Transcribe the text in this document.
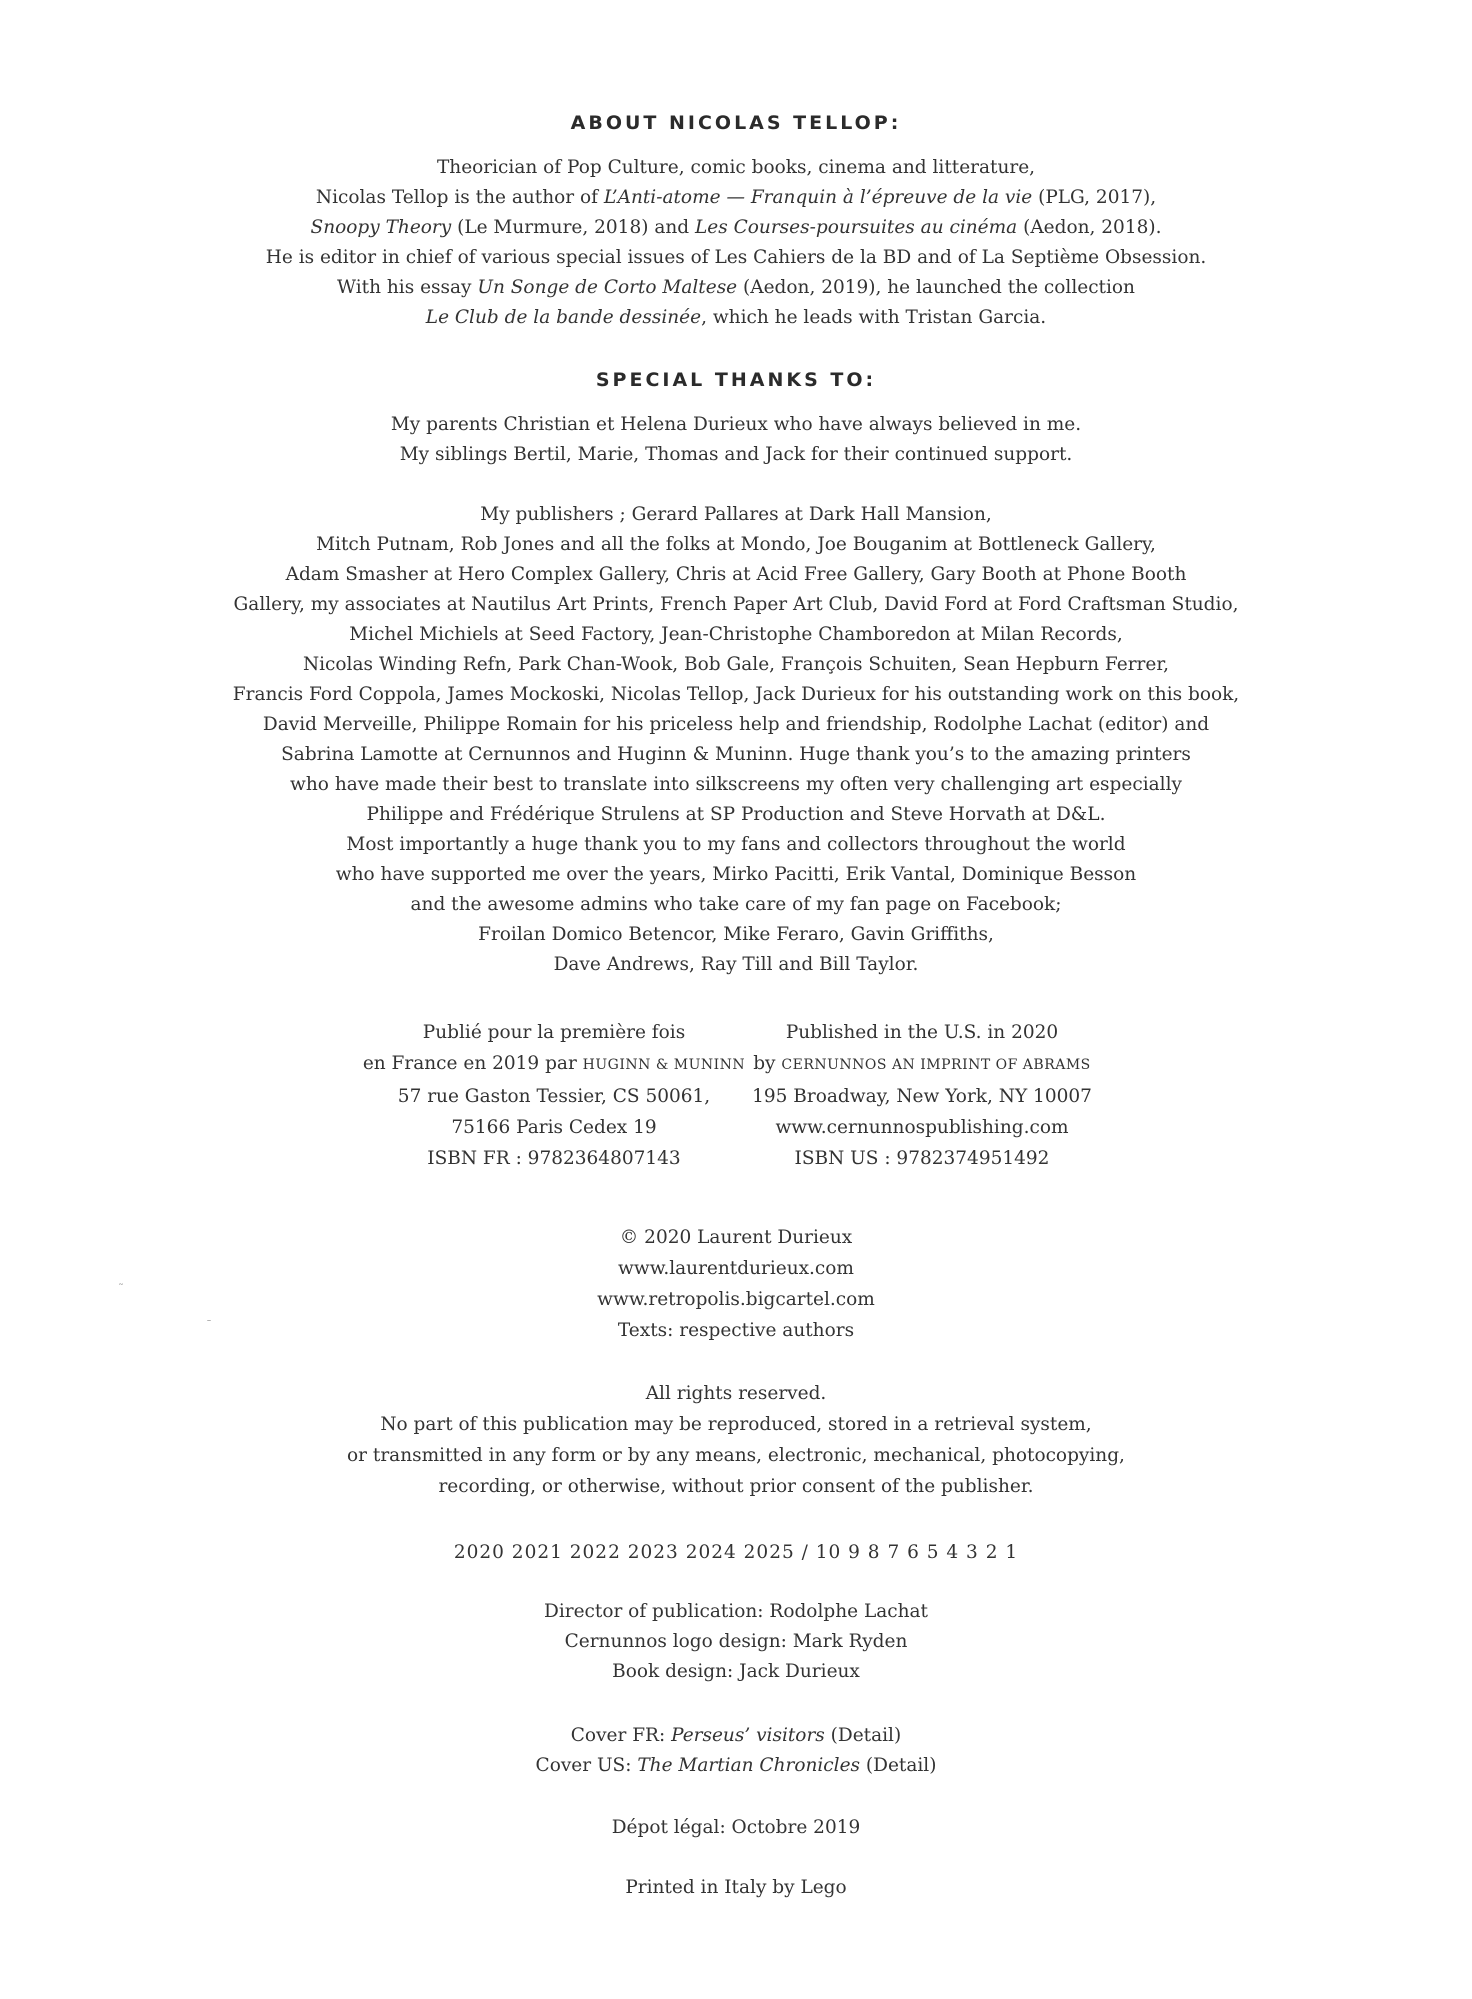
ABOUT NICOLAS TELLOP:
Theorician of Pop Culture, comic books, cinema and litterature,
Nicolas Tellop is the author of L’Anti-atome — Franquin à l’épreuve de la vie (PLG, 2017),
Snoopy Theory (Le Murmure, 2018) and Les Courses-poursuites au cinéma (Aedon, 2018).
He is editor in chief of various special issues of Les Cahiers de la BD and of La Septième Obsession.
With his essay Un Songe de Corto Maltese (Aedon, 2019), he launched the collection
Le Club de la bande dessinée, which he leads with Tristan Garcia.
SPECIAL THANKS TO:
My parents Christian et Helena Durieux who have always believed in me.
My siblings Bertil, Marie, Thomas and Jack for their continued support.
My publishers ; Gerard Pallares at Dark Hall Mansion,
Mitch Putnam, Rob Jones and all the folks at Mondo, Joe Bouganim at Bottleneck Gallery,
Adam Smasher at Hero Complex Gallery, Chris at Acid Free Gallery, Gary Booth at Phone Booth
Gallery, my associates at Nautilus Art Prints, French Paper Art Club, David Ford at Ford Craftsman Studio,
Michel Michiels at Seed Factory, Jean-Christophe Chamboredon at Milan Records,
Nicolas Winding Refn, Park Chan-Wook, Bob Gale, François Schuiten, Sean Hepburn Ferrer,
Francis Ford Coppola, James Mockoski, Nicolas Tellop, Jack Durieux for his outstanding work on this book,
David Merveille, Philippe Romain for his priceless help and friendship, Rodolphe Lachat (editor) and
Sabrina Lamotte at Cernunnos and Huginn & Muninn. Huge thank you’s to the amazing printers
who have made their best to translate into silkscreens my often very challenging art especially
Philippe and Frédérique Strulens at SP Production and Steve Horvath at D&L.
Most importantly a huge thank you to my fans and collectors throughout the world
who have supported me over the years, Mirko Pacitti, Erik Vantal, Dominique Besson
and the awesome admins who take care of my fan page on Facebook;
Froilan Domico Betencor, Mike Feraro, Gavin Griffiths,
Dave Andrews, Ray Till and Bill Taylor.
Publié pour la première fois
en France en 2019 par HUGINN & MUNINN
57 rue Gaston Tessier, CS 50061,
75166 Paris Cedex 19
ISBN FR : 9782364807143
Published in the U.S. in 2020
by CERNUNNOS AN IMPRINT OF ABRAMS
195 Broadway, New York, NY 10007
www.cernunnospublishing.com
ISBN US : 9782374951492
© 2020 Laurent Durieux
www.laurentdurieux.com
www.retropolis.bigcartel.com
Texts: respective authors
All rights reserved.
No part of this publication may be reproduced, stored in a retrieval system,
or transmitted in any form or by any means, electronic, mechanical, photocopying,
recording, or otherwise, without prior consent of the publisher.
2020 2021 2022 2023 2024 2025 / 10 9 8 7 6 5 4 3 2 1
Director of publication: Rodolphe Lachat
Cernunnos logo design: Mark Ryden
Book design: Jack Durieux
Cover FR: Perseus’ visitors (Detail)
Cover US: The Martian Chronicles (Detail)
Dépot légal: Octobre 2019
Printed in Italy by Lego
˜
ˉ
